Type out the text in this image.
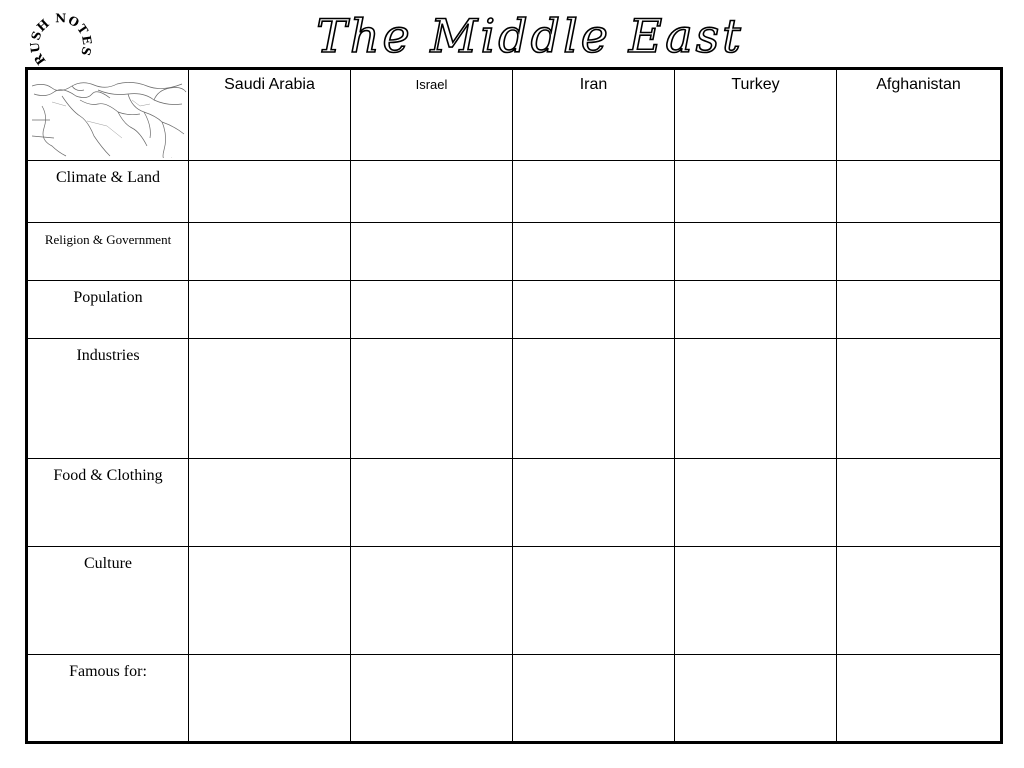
RUSH NOTES	The Middle East
	Saudi Arabia	Israel	Iran	Turkey	Afghanistan
Climate & Land					
Religion & Government					
Population					
Industries					
Food & Clothing					
Culture					
Famous for:					
